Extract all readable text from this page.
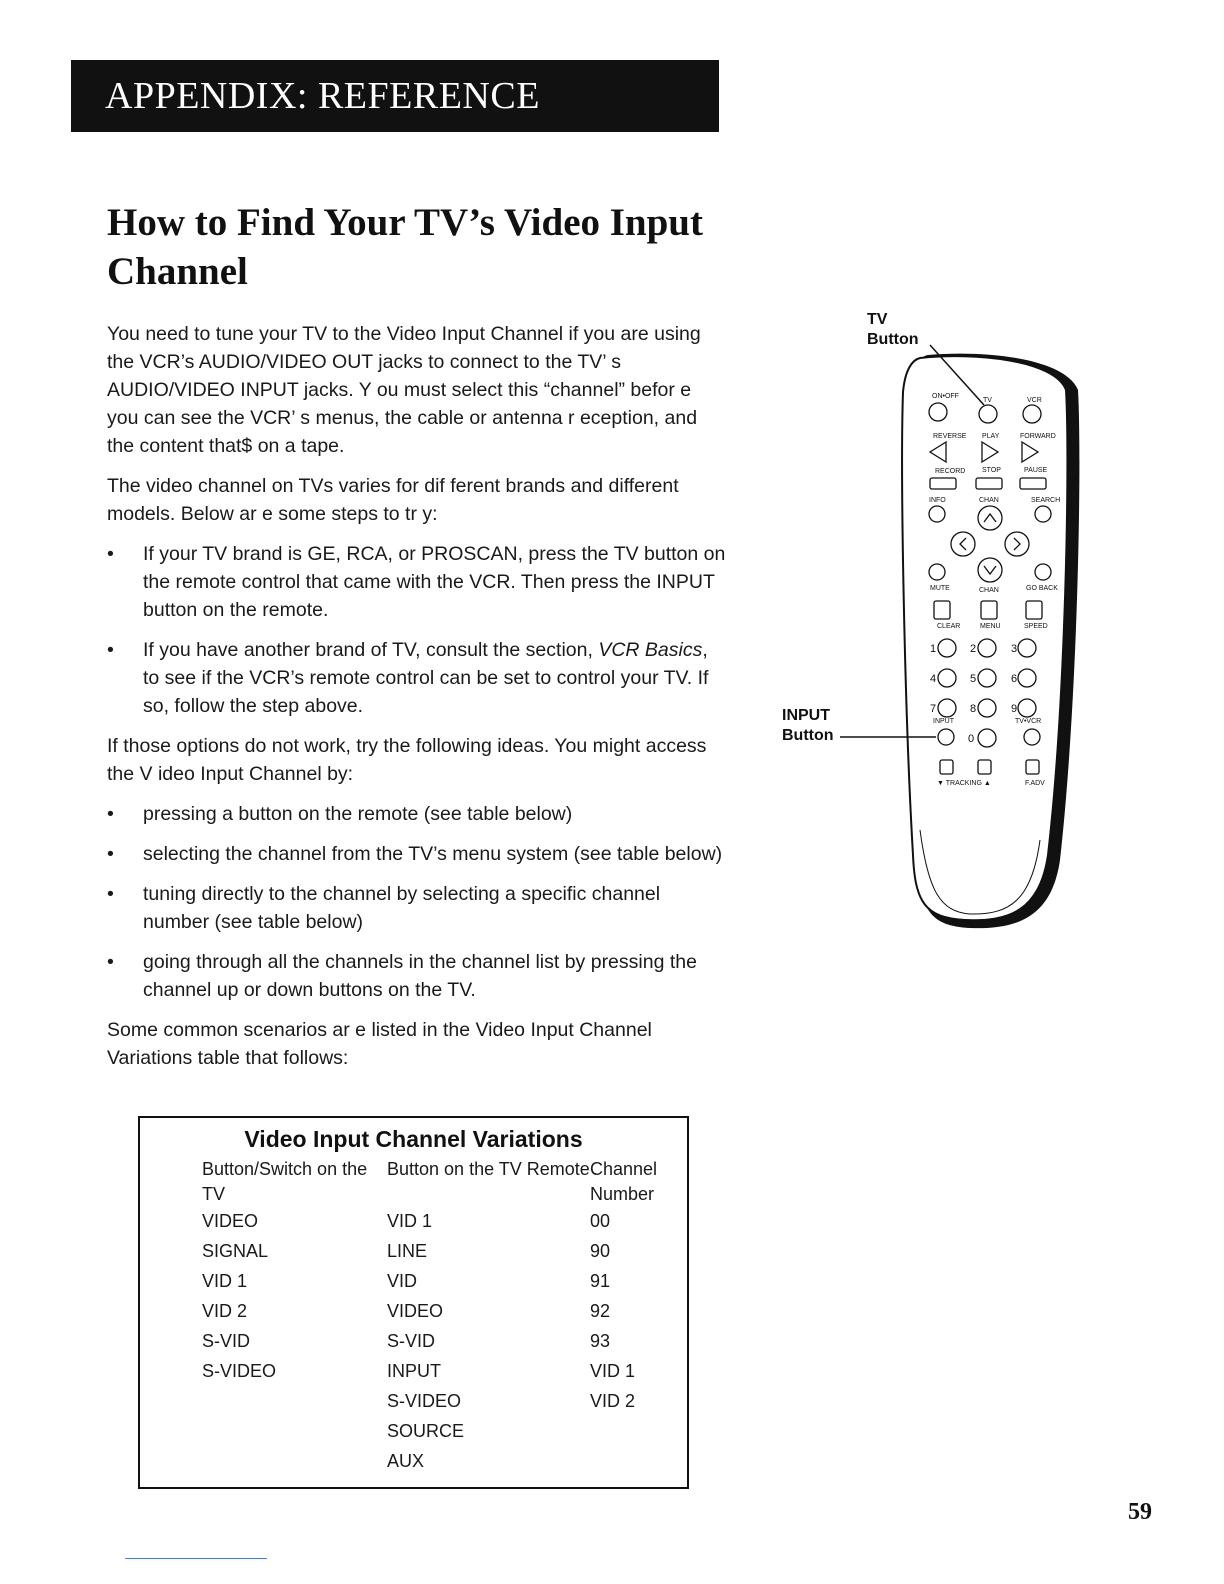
APPENDIX: REFERENCE
How to Find Your TV’s Video Input Channel

You need to tune your TV to the Video Input Channel if you are using the VCR’s AUDIO/VIDEO OUT jacks to connect to the TV’ s AUDIO/VIDEO INPUT jacks. Y ou must select this “channel” befor e you can see the VCR’ s menus, the cable or antenna r eception, and the content that$ on a tape.

The video channel on TVs varies for dif ferent brands and different models. Below ar e some steps to tr y:

• If your TV brand is GE, RCA, or PROSCAN, press the TV button on the remote control that came with the VCR. Then press the INPUT button on the remote.
• If you have another brand of TV, consult the section, VCR Basics, to see if the VCR’s remote control can be set to control your TV. If so, follow the step above.

If those options do not work, try the following ideas. You might access the V ideo Input Channel by:

• pressing a button on the remote (see table below)
• selecting the channel from the TV’s menu system (see table below)
• tuning directly to the channel by selecting a specific channel number (see table below)
• going through all the channels in the channel list by pressing the channel up or down buttons on the TV.

Some common scenarios ar e listed in the Video Input Channel Variations table that follows:

Video Input Channel Variations
Button/Switch on the TV	Button on the TV Remote	Channel Number
VIDEO	VID 1	00
SIGNAL	LINE	90
VID 1	VID	91
VID 2	VIDEO	92
S-VID	S-VID	93
S-VIDEO	INPUT	VID 1
	S-VIDEO	VID 2
	SOURCE	
	AUX	
TV Button
INPUT Button
ON•OFF
TV	VCR
REVERSE PLAY	FORWARD
RECORD STOP	PAUSE
INFO	CHAN	SEARCH
MUTE	CHAN	GO BACK
CLEAR	MENU	SPEED
▼ TRACKING ▲	F.ADV
INPUT	TV•VCR
1	2	3
4	5	6
7	8	9
0
59
